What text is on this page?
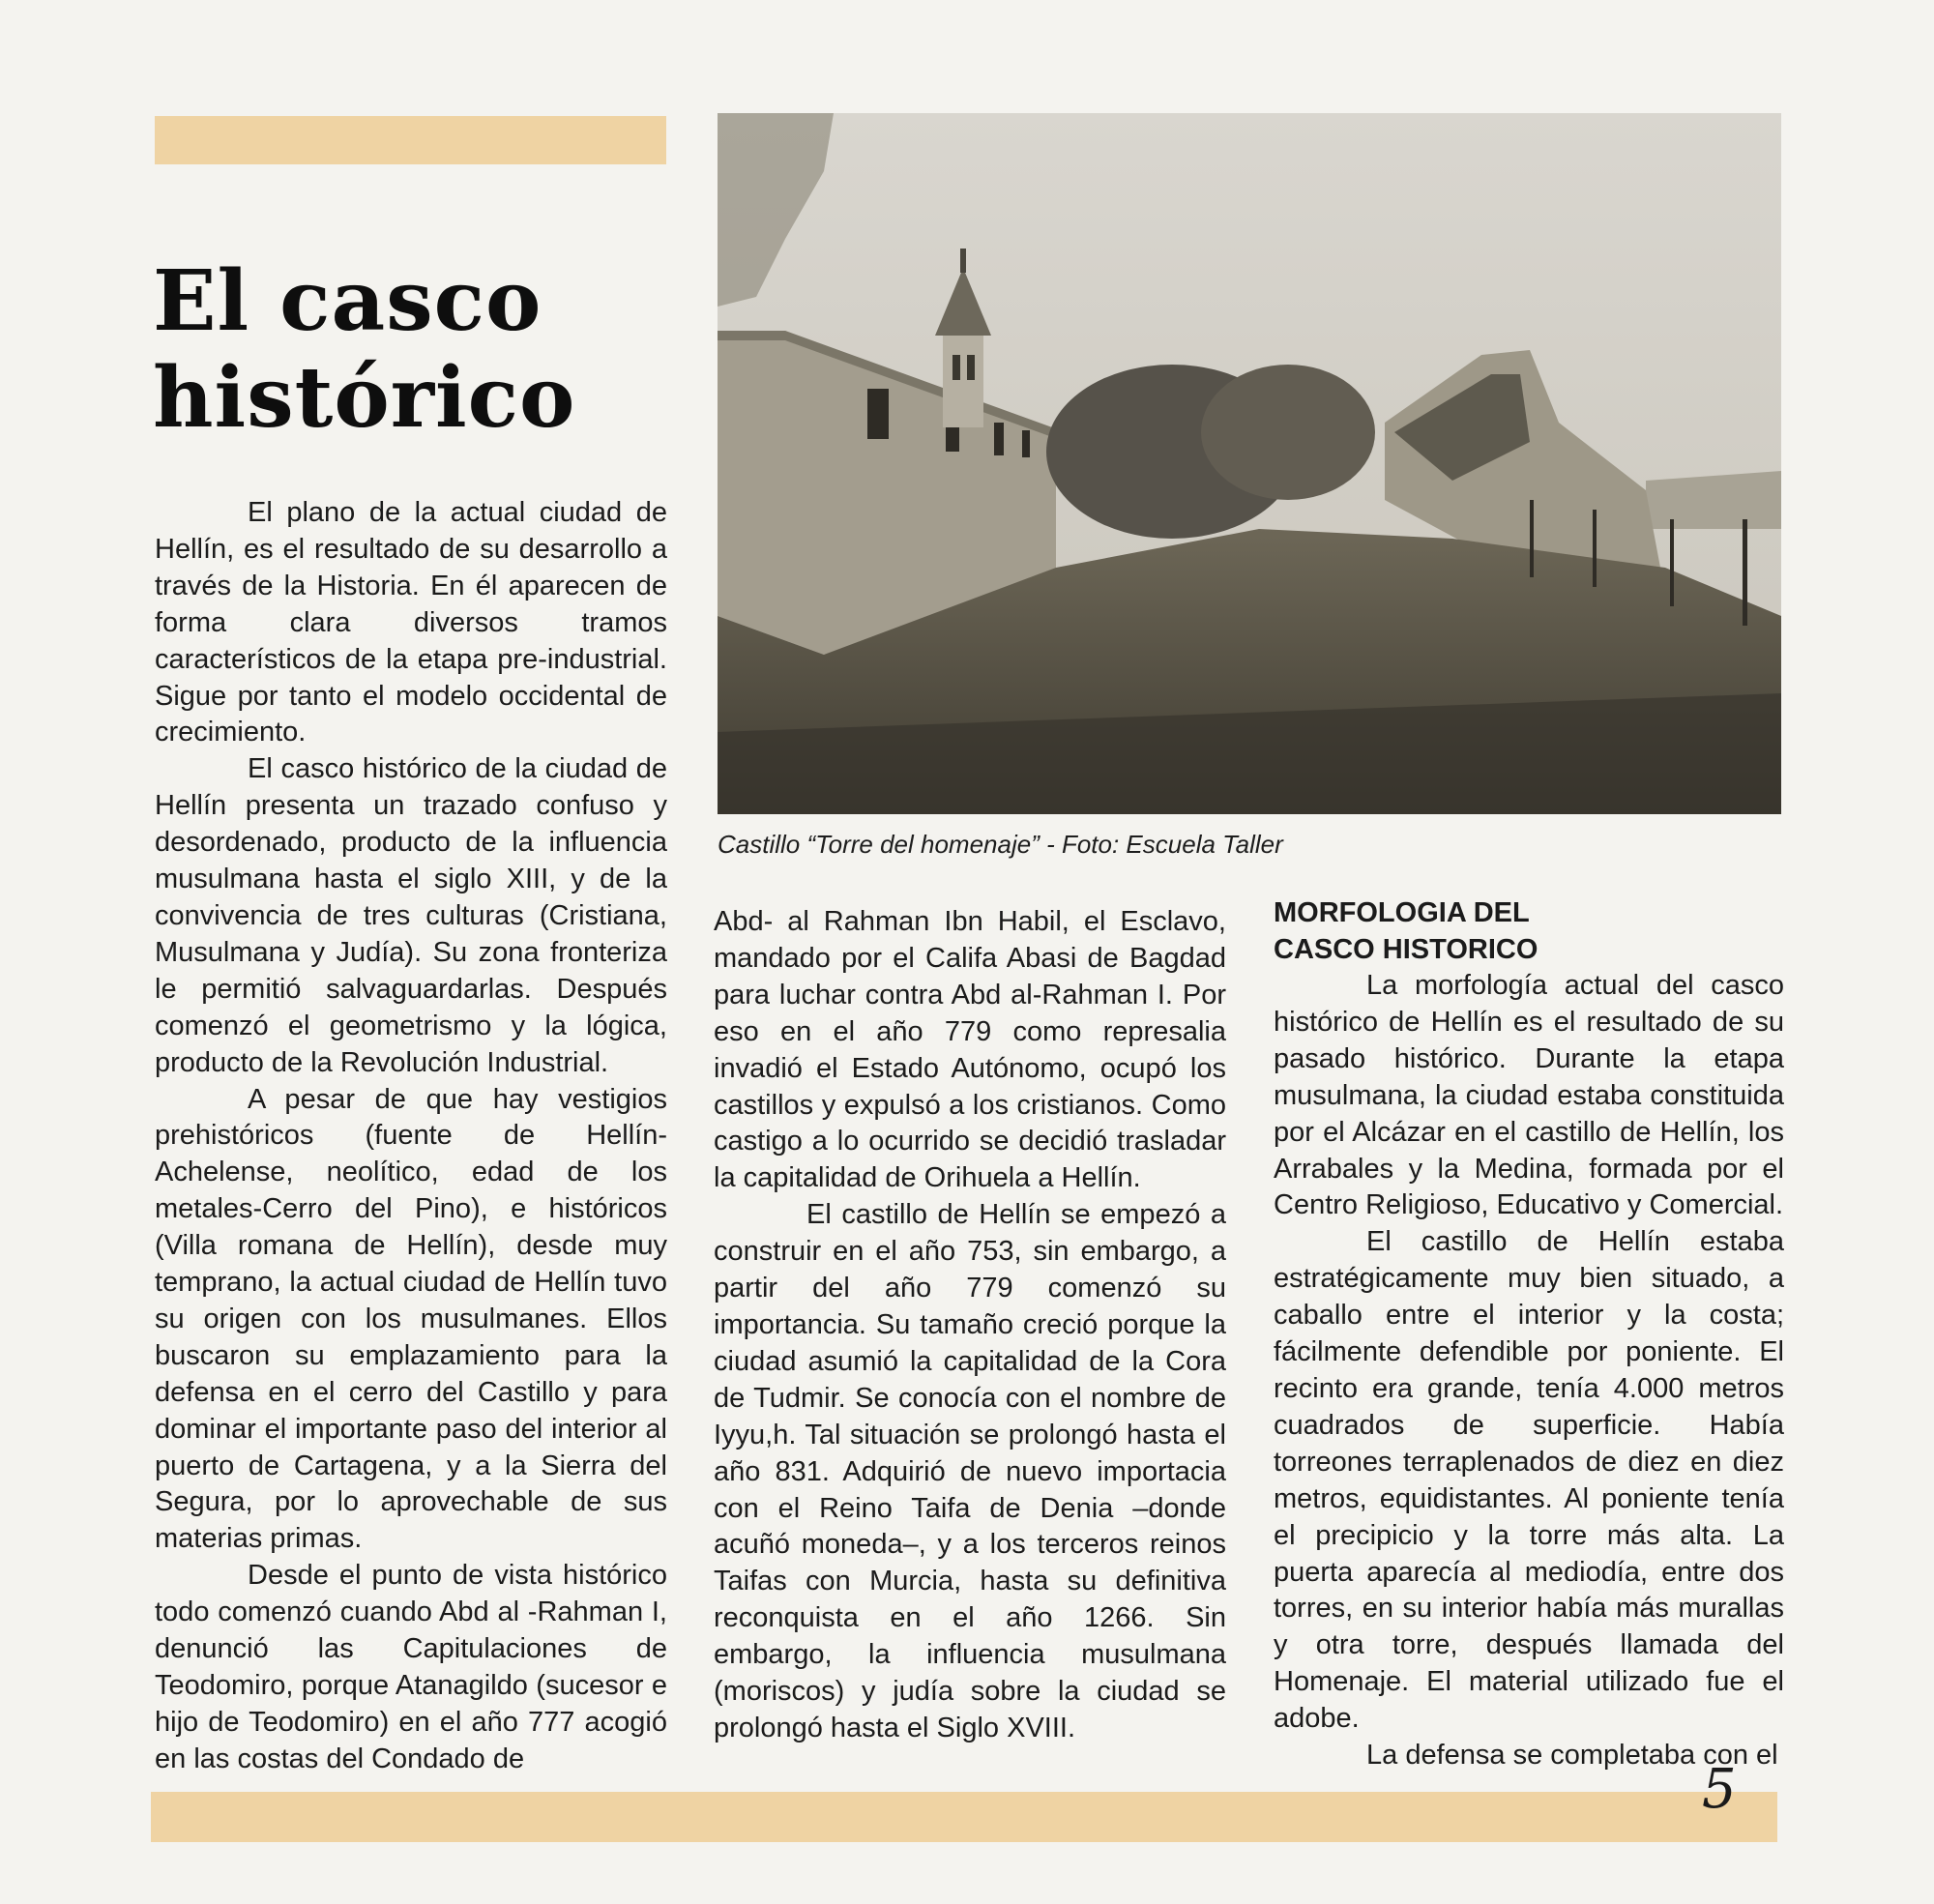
El casco
histórico

El plano de la actual ciudad de Hellín, es el resultado de su desarrollo a través de la Historia. En él aparecen de forma clara diversos tramos característicos de la etapa pre-industrial. Sigue por tanto el modelo occidental de crecimiento.

El casco histórico de la ciudad de Hellín presenta un trazado confuso y desordenado, producto de la influencia musulmana hasta el siglo XIII, y de la convivencia de tres culturas (Cristiana, Musulmana y Judía). Su zona fronteriza le permitió salvaguardarlas. Después comenzó el geometrismo y la lógica, producto de la Revolución Industrial.

A pesar de que hay vestigios prehistóricos (fuente de Hellín-Achelense, neolítico, edad de los metales-Cerro del Pino), e históricos (Villa romana de Hellín), desde muy temprano, la actual ciudad de Hellín tuvo su origen con los musulmanes. Ellos buscaron su emplazamiento para la defensa en el cerro del Castillo y para dominar el importante paso del interior al puerto de Cartagena, y a la Sierra del Segura, por lo aprovechable de sus materias primas.

Desde el punto de vista histórico todo comenzó cuando Abd al -Rahman I, denunció las Capitulaciones de Teodomiro, porque Atanagildo (sucesor e hijo de Teodomiro) en el año 777 acogió en las costas del Condado de

Castillo “Torre del homenaje” - Foto: Escuela Taller

Abd- al Rahman Ibn Habil, el Esclavo, mandado por el Califa Abasi de Bagdad para luchar contra Abd al-Rahman I. Por eso en el año 779 como represalia invadió el Estado Autónomo, ocupó los castillos y expulsó a los cristianos. Como castigo a lo ocurrido se decidió trasladar la capitalidad de Orihuela a Hellín.

El castillo de Hellín se empezó a construir en el año 753, sin embargo, a partir del año 779 comenzó su importancia. Su tamaño creció porque la ciudad asumió la capitalidad de la Cora de Tudmir. Se conocía con el nombre de Iyyu,h. Tal situación se prolongó hasta el año 831. Adquirió de nuevo importacia con el Reino Taifa de Denia –donde acuñó moneda–, y a los terceros reinos Taifas con Murcia, hasta su definitiva reconquista en el año 1266. Sin embargo, la influencia musulmana (moriscos) y judía sobre la ciudad se prolongó hasta el Siglo XVIII.

MORFOLOGIA DEL
CASCO HISTORICO

La morfología actual del casco histórico de Hellín es el resultado de su pasado histórico. Durante la etapa musulmana, la ciudad estaba constituida por el Alcázar en el castillo de Hellín, los Arrabales y la Medina, formada por el Centro Religioso, Educativo y Comercial.

El castillo de Hellín estaba estratégicamente muy bien situado, a caballo entre el interior y la costa; fácilmente defendible por poniente. El recinto era grande, tenía 4.000 metros cuadrados de superficie. Había torreones terraplenados de diez en diez metros, equidistantes. Al poniente tenía el precipicio y la torre más alta. La puerta aparecía al mediodía, entre dos torres, en su interior había más murallas y otra torre, después llamada del Homenaje. El material utilizado fue el adobe.

La defensa se completaba con el

5
